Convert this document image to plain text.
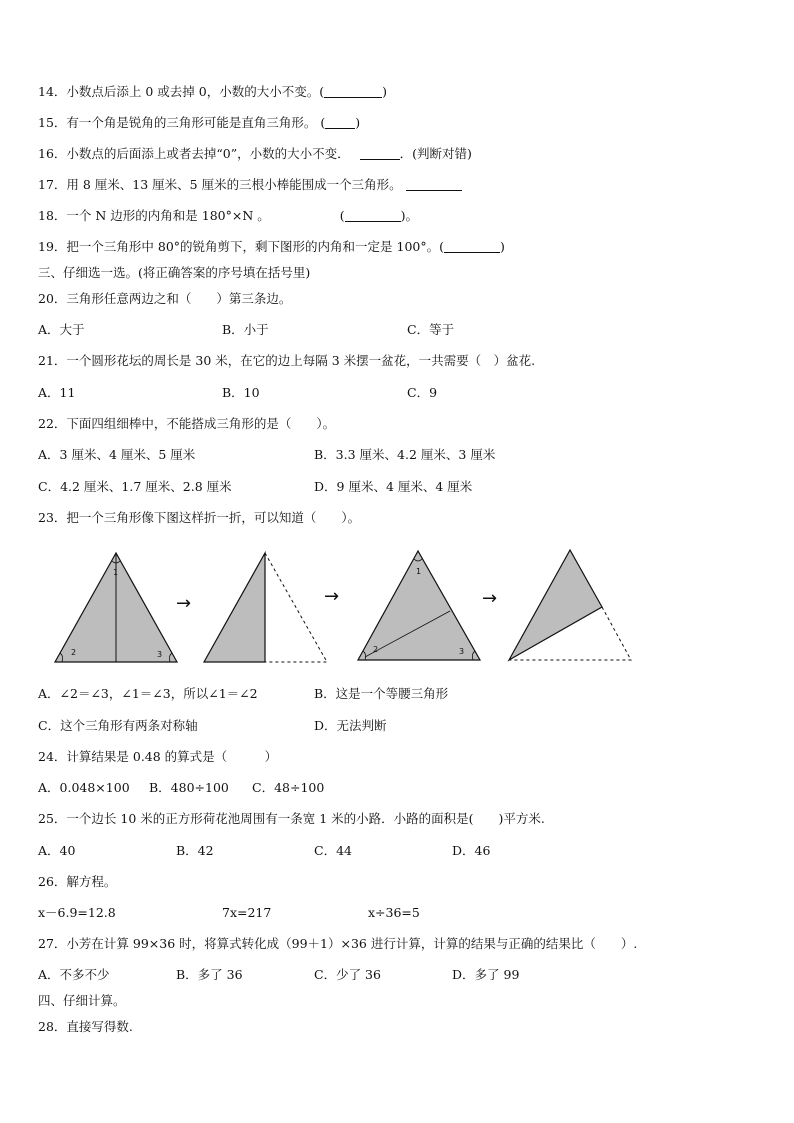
14．小数点后添上 0 或去掉 0，小数的大小不变。(	)
15．有一个角是锐角的三角形可能是直角三角形。 ( )
16．小数点的后面添上或者去掉“0”，小数的大小不变．	．(判断对错)
17．用 8 厘米、13 厘米、5 厘米的三根小棒能围成一个三角形。
18．一个 N 边形的内角和是 180°×N 。	(	)。
19．把一个三角形中 80°的锐角剪下，剩下图形的内角和一定是 100°。(	)
三、仔细选一选。(将正确答案的序号填在括号里)
20．三角形任意两边之和（　　）第三条边。
A．大于	B．小于	C．等于
21．一个圆形花坛的周长是 30 米，在它的边上每隔 3 米摆一盆花，一共需要（　）盆花.
A．11	B．10	C．9
22．下面四组细棒中，不能搭成三角形的是（　　）。
A．3 厘米、4 厘米、5 厘米	B．3.3 厘米、4.2 厘米、3 厘米
C．4.2 厘米、1.7 厘米、2.8 厘米	D．9 厘米、4 厘米、4 厘米
23．把一个三角形像下图这样折一折，可以知道（　　）。
1
2	3
→	→
1
2	3
→
A．∠2＝∠3，∠1＝∠3，所以∠1＝∠2	B．这是一个等腰三角形
C．这个三角形有两条对称轴	D．无法判断
24．计算结果是 0.48 的算式是（　　　）
A．0.048×100 B．480÷100 C．48÷100
25．一个边长 10 米的正方形荷花池周围有一条宽 1 米的小路．小路的面积是(　　)平方米.
A．40	B．42	C．44	D．46
26．解方程。
x－6.9=12.8	7x=217	x÷36=5
27．小芳在计算 99×36 时，将算式转化成（99＋1）×36 进行计算，计算的结果与正确的结果比（　　）.
A．不多不少	B．多了 36	C．少了 36	D．多了 99
四、仔细计算。
28．直接写得数.
